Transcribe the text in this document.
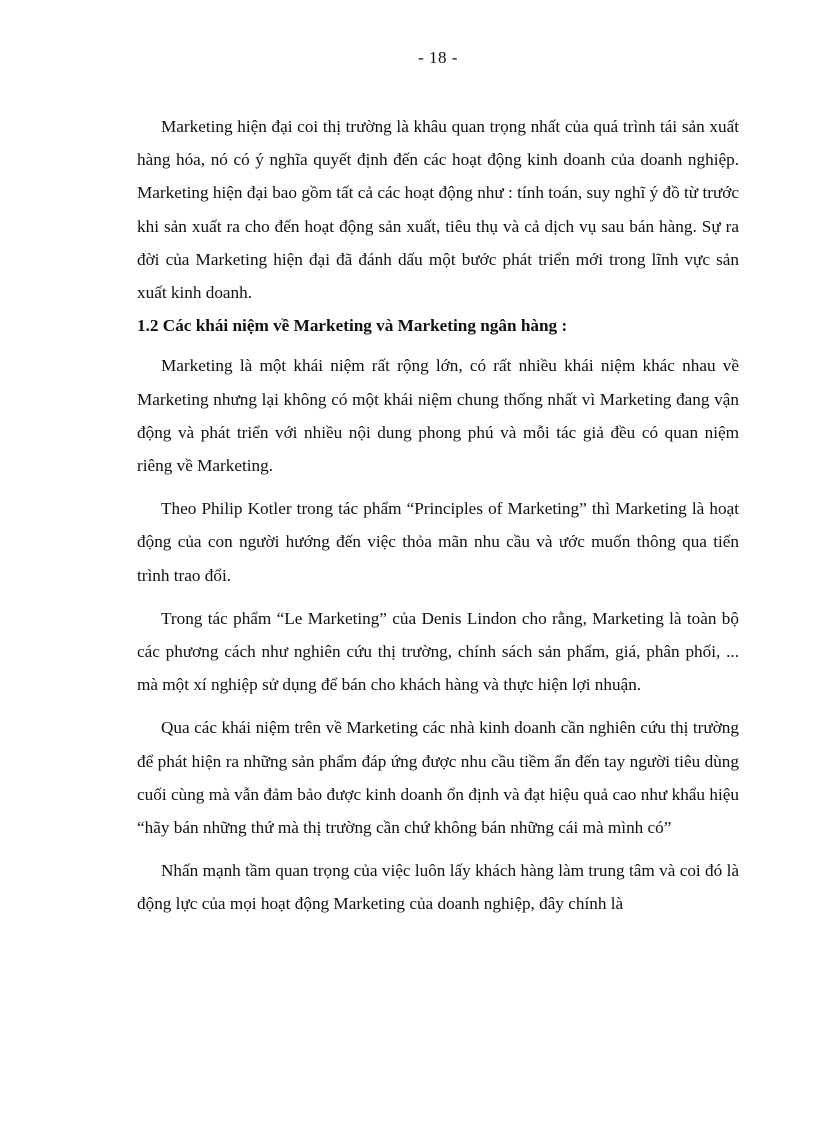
- 18 -

Marketing hiện đại coi thị trường là khâu quan trọng nhất của quá trình tái sản xuất hàng hóa, nó có ý nghĩa quyết định đến các hoạt động kinh doanh của doanh nghiệp. Marketing hiện đại bao gồm tất cả các hoạt động như : tính toán, suy nghĩ ý đồ từ trước khi sản xuất ra cho đến hoạt động sản xuất, tiêu thụ và cả dịch vụ sau bán hàng. Sự ra đời của Marketing hiện đại đã đánh dấu một bước phát triển mới trong lĩnh vực sản xuất kinh doanh.

1.2 Các khái niệm về Marketing và Marketing ngân hàng :

Marketing là một khái niệm rất rộng lớn, có rất nhiều khái niệm khác nhau về Marketing nhưng lại không có một khái niệm chung thống nhất vì Marketing đang vận động và phát triển với nhiều nội dung phong phú và mỗi tác giả đều có quan niệm riêng về Marketing.

Theo Philip Kotler trong tác phẩm “Principles of Marketing” thì Marketing là hoạt động của con người hướng đến việc thỏa mãn nhu cầu và ước muốn thông qua tiến trình trao đổi.

Trong tác phẩm “Le Marketing” của Denis Lindon cho rằng, Marketing là toàn bộ các phương cách như nghiên cứu thị trường, chính sách sản phẩm, giá, phân phối, ... mà một xí nghiệp sử dụng để bán cho khách hàng và thực hiện lợi nhuận.

Qua các khái niệm trên về Marketing các nhà kinh doanh cần nghiên cứu thị trường để phát hiện ra những sản phẩm đáp ứng được nhu cầu tiềm ẩn đến tay người tiêu dùng cuối cùng mà vẫn đảm bảo được kinh doanh ổn định và đạt hiệu quả cao như khẩu hiệu “hãy bán những thứ mà thị trường cần chứ không bán những cái mà mình có”

Nhấn mạnh tầm quan trọng của việc luôn lấy khách hàng làm trung tâm và coi đó là động lực của mọi hoạt động Marketing của doanh nghiệp, đây chính là
